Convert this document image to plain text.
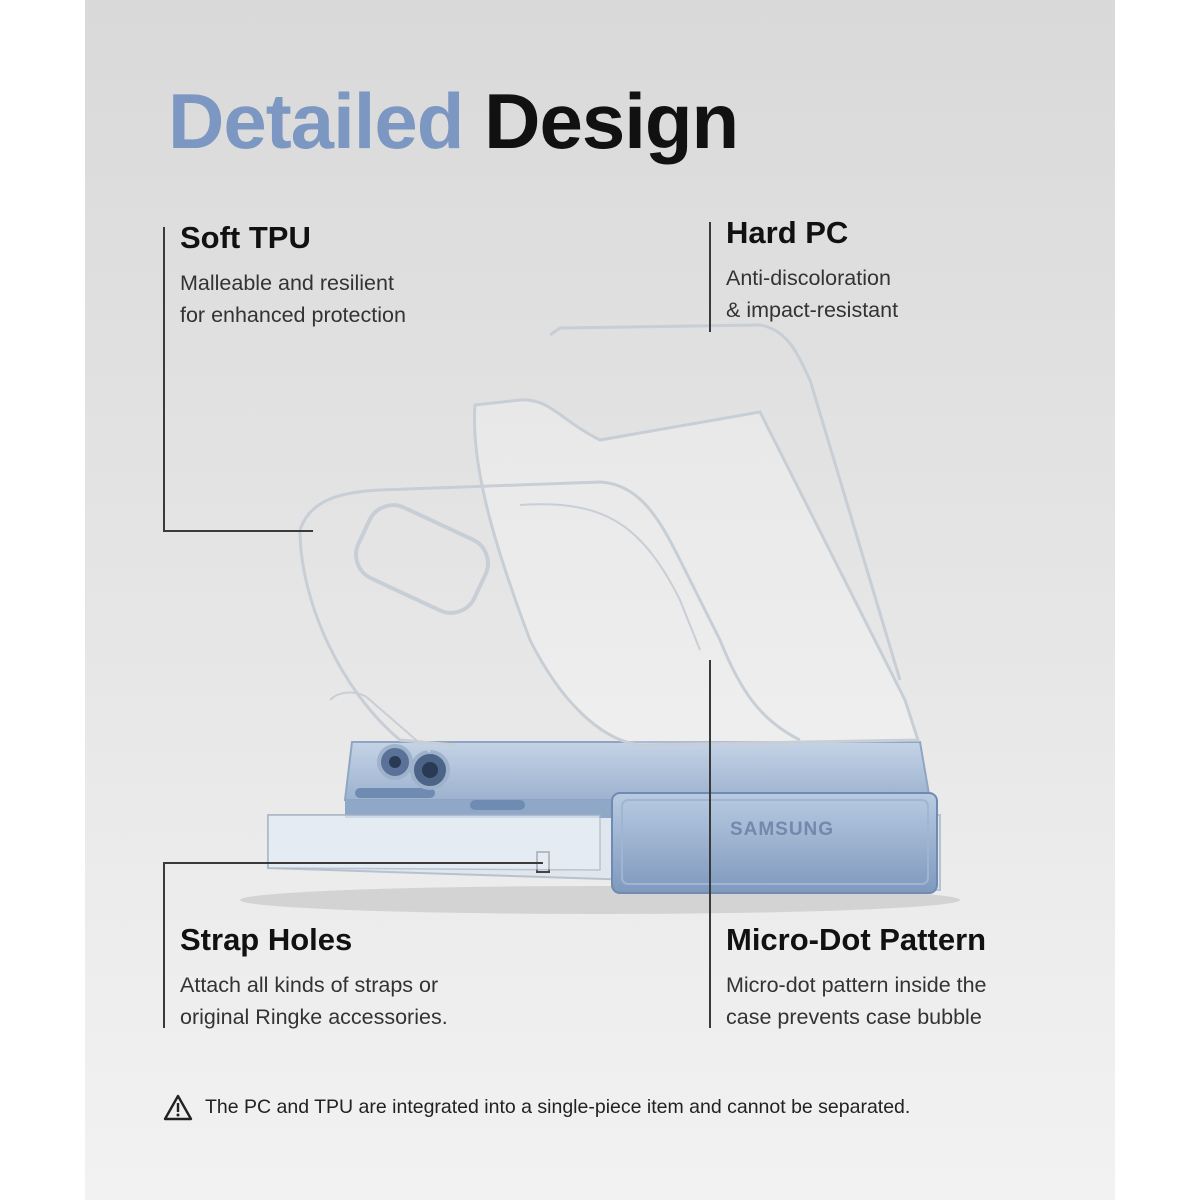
Detailed Design
SAMSUNG
Soft TPU

Malleable and resilient

for enhanced protection

Hard PC

Anti-discoloration

& impact-resistant

Strap Holes

Attach all kinds of straps or

original Ringke accessories.

Micro-Dot Pattern

Micro-dot pattern inside the

case prevents case bubble

The PC and TPU are integrated into a single-piece item and cannot be separated.
